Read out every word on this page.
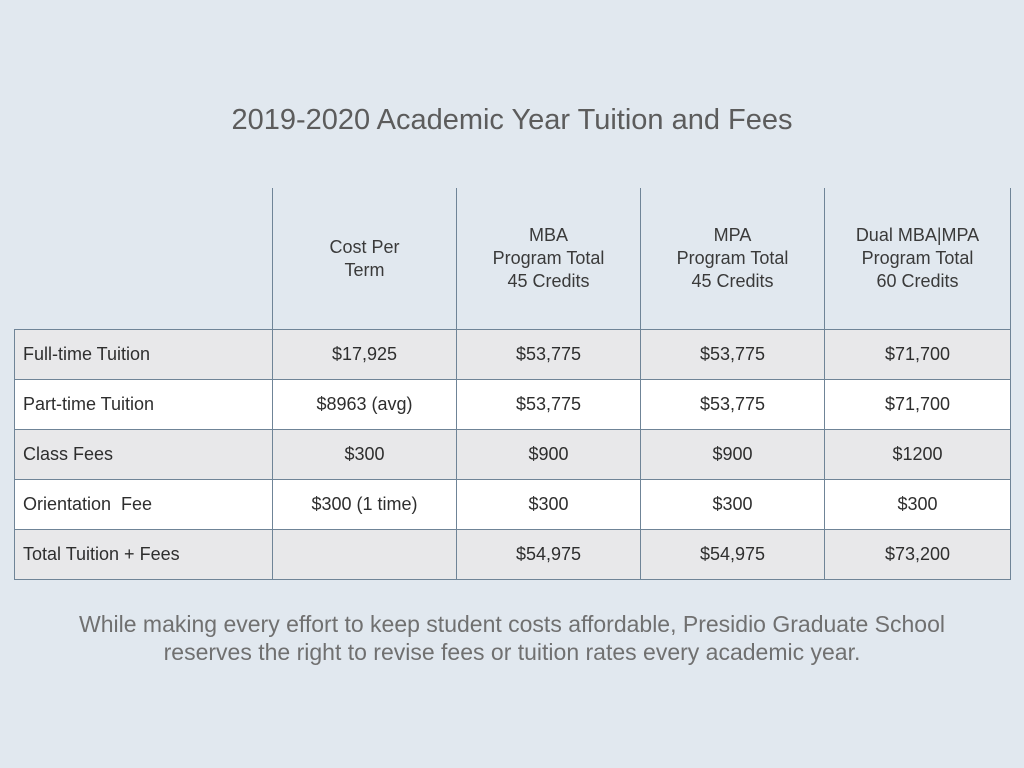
2019-2020 Academic Year Tuition and Fees

	Cost Per
Term	MBA
Program Total
45 Credits	MPA
Program Total
45 Credits	Dual MBA|MPA
Program Total
60 Credits

Full-time Tuition	$17,925	$53,775	$53,775	$71,700
Part-time Tuition	$8963 (avg)	$53,775	$53,775	$71,700
Class Fees	$300	$900	$900	$1200
Orientation  Fee	$300 (1 time)	$300	$300	$300
Total Tuition + Fees		$54,975	$54,975	$73,200
While making every effort to keep student costs affordable, Presidio Graduate School
reserves the right to revise fees or tuition rates every academic year.
